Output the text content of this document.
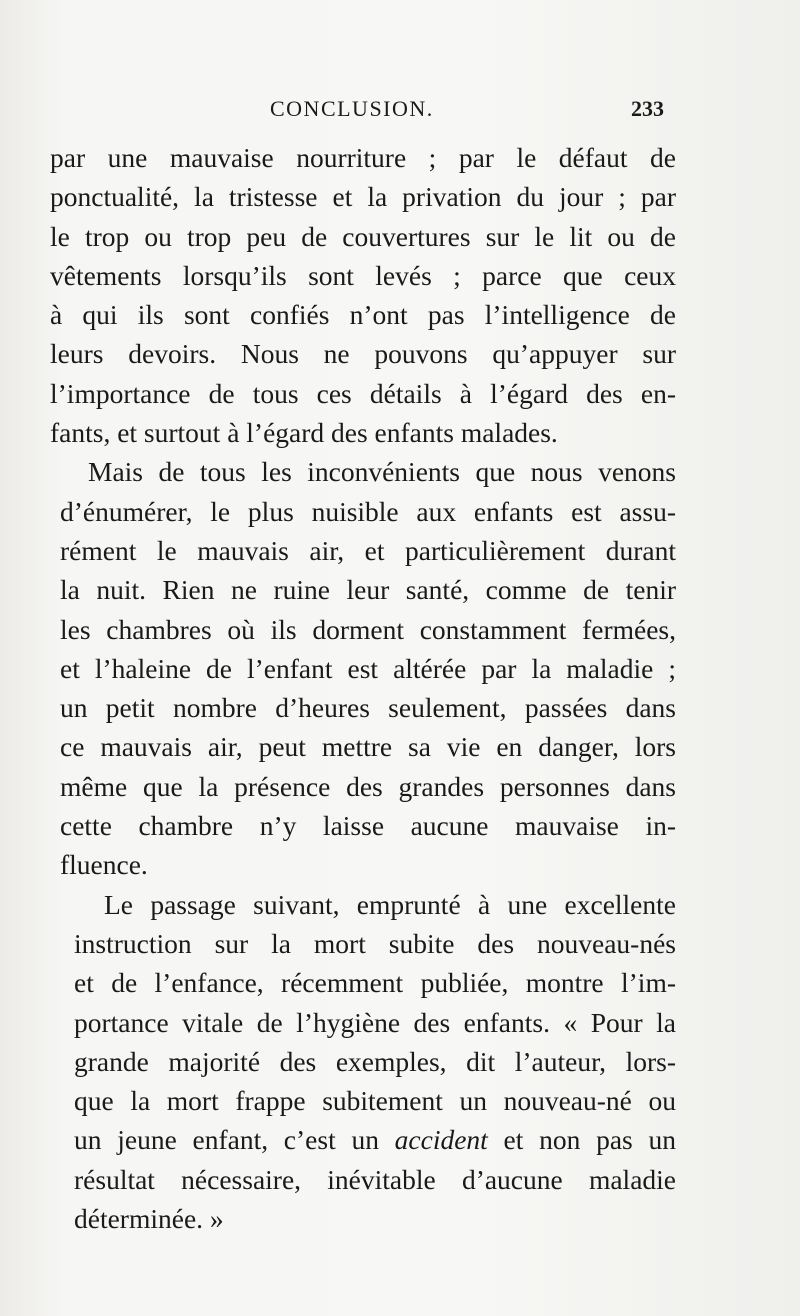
CONCLUSION.	233
par une mauvaise nourriture ; par le défaut de
ponctualité, la tristesse et la privation du jour ; par
le trop ou trop peu de couvertures sur le lit ou de
vêtements lorsqu’ils sont levés ; parce que ceux
à qui ils sont confiés n’ont pas l’intelligence de
leurs devoirs. Nous ne pouvons qu’appuyer sur
l’importance de tous ces détails à l’égard des en-
fants, et surtout à l’égard des enfants malades.
Mais de tous les inconvénients que nous venons
d’énumérer, le plus nuisible aux enfants est assu-
rément le mauvais air, et particulièrement durant
la nuit. Rien ne ruine leur santé, comme de tenir
les chambres où ils dorment constamment fermées,
et l’haleine de l’enfant est altérée par la maladie ;
un petit nombre d’heures seulement, passées dans
ce mauvais air, peut mettre sa vie en danger, lors
même que la présence des grandes personnes dans
cette chambre n’y laisse aucune mauvaise in-
fluence.
Le passage suivant, emprunté à une excellente
instruction sur la mort subite des nouveau-nés
et de l’enfance, récemment publiée, montre l’im-
portance vitale de l’hygiène des enfants. « Pour la
grande majorité des exemples, dit l’auteur, lors-
que la mort frappe subitement un nouveau-né ou
un jeune enfant, c’est un accident et non pas un
résultat nécessaire, inévitable d’aucune maladie
déterminée. »
